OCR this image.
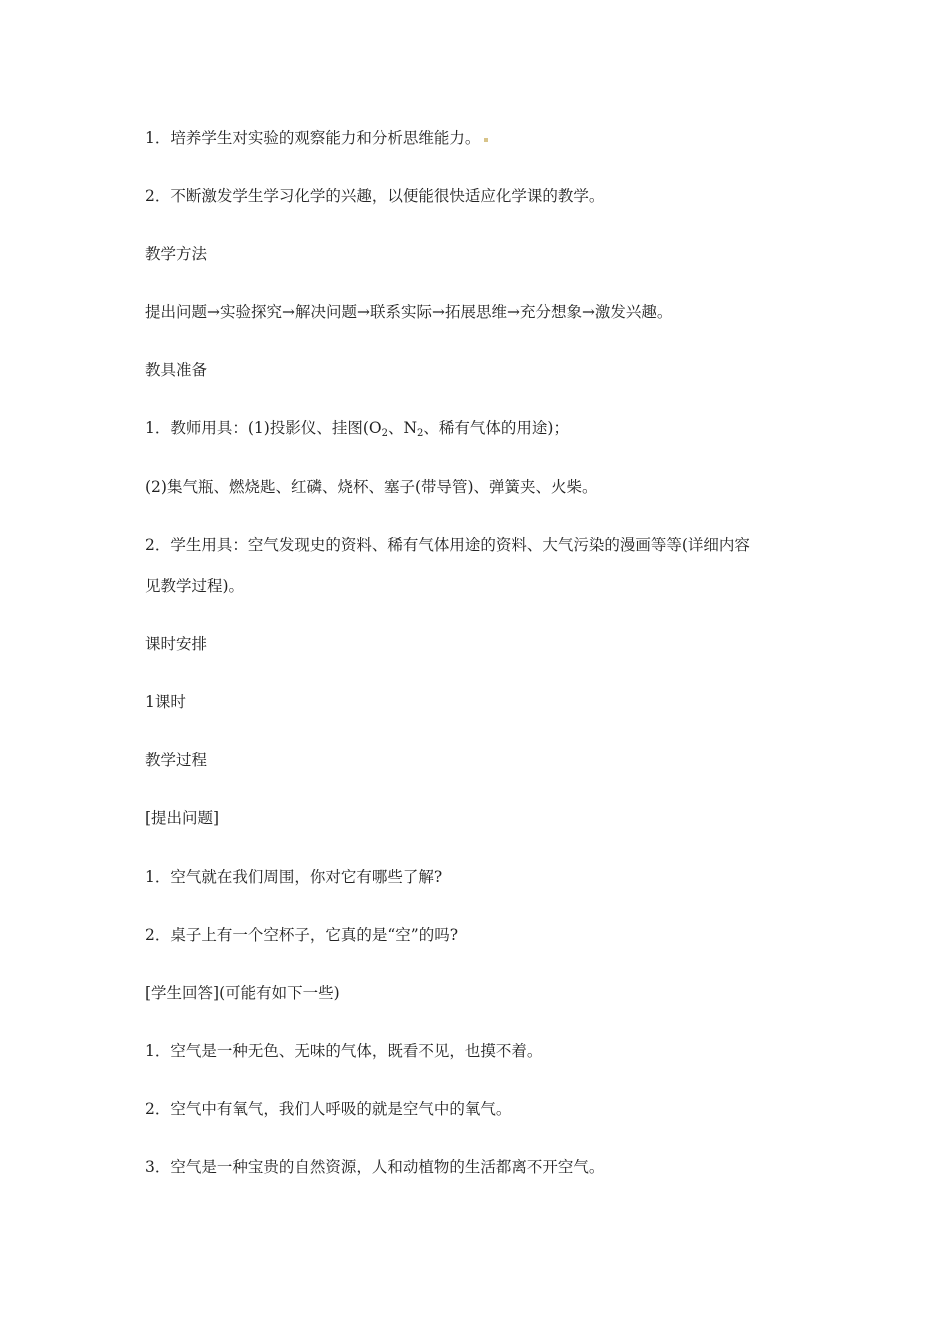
1．培养学生对实验的观察能力和分析思维能力。
2．不断激发学生学习化学的兴趣，以便能很快适应化学课的教学。
教学方法
提出问题→实验探究→解决问题→联系实际→拓展思维→充分想象→激发兴趣。
教具准备
1．教师用具：(1)投影仪、挂图($O_2$、$N_2$、稀有气体的用途)；
(2)集气瓶、燃烧匙、红磷、烧杯、塞子(带导管)、弹簧夹、火柴。
2．学生用具：空气发现史的资料、稀有气体用途的资料、大气污染的漫画等等(详细内容
见教学过程)。
课时安排
1课时
教学过程
[提出问题]
1．空气就在我们周围，你对它有哪些了解?
2．桌子上有一个空杯子，它真的是“空”的吗?
[学生回答](可能有如下一些)
1．空气是一种无色、无味的气体，既看不见，也摸不着。
2．空气中有氧气，我们人呼吸的就是空气中的氧气。
3．空气是一种宝贵的自然资源，人和动植物的生活都离不开空气。
